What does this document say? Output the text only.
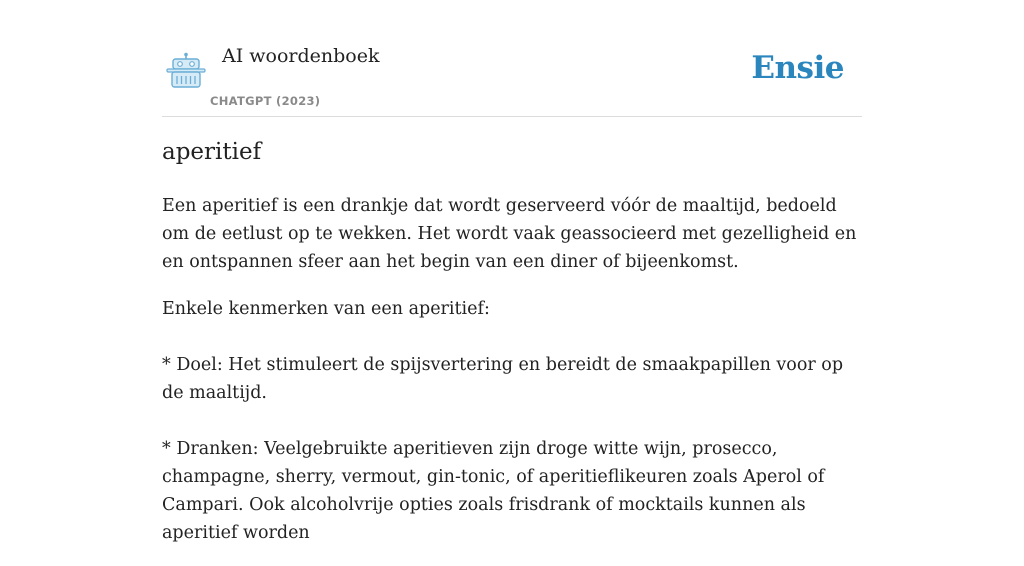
AI woordenboek
CHATGPT (2023)
Ensie
aperitief

Een aperitief is een drankje dat wordt geserveerd vóór de maaltijd, bedoeld om de eetlust op te wekken. Het wordt vaak geassocieerd met gezelligheid en en ontspannen sfeer aan het begin van een diner of bijeenkomst.

Enkele kenmerken van een aperitief:

* Doel: Het stimuleert de spijsvertering en bereidt de smaakpapillen voor op de maaltijd.

* Dranken: Veelgebruikte aperitieven zijn droge witte wijn, prosecco, champagne, sherry, vermout, gin-tonic, of aperitieflikeuren zoals Aperol of Campari. Ook alcoholvrije opties zoals frisdrank of mocktails kunnen als aperitief worden
